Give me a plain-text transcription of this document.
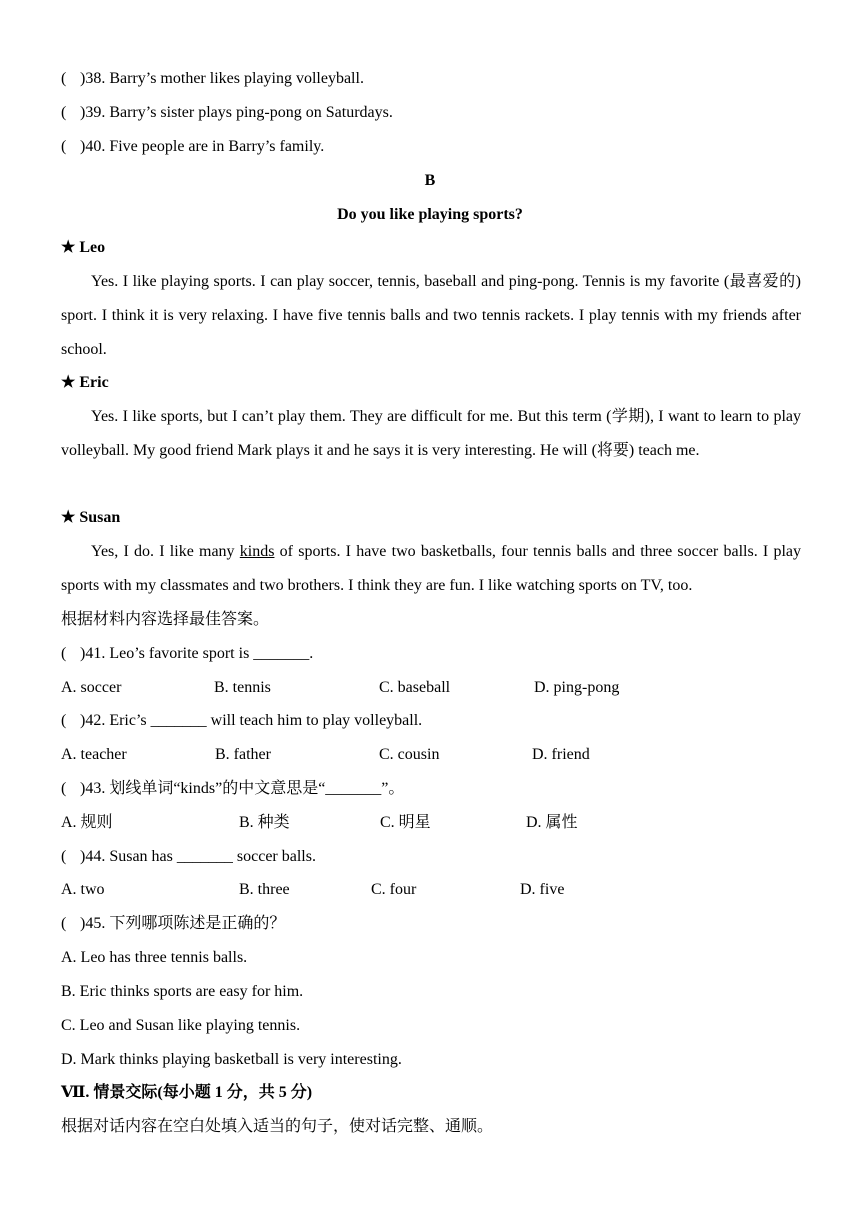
( )38. Barry’s mother likes playing volleyball.
( )39. Barry’s sister plays ping-pong on Saturdays.
( )40. Five people are in Barry’s family.
B
Do you like playing sports?
★ Leo
Yes. I like playing sports. I can play soccer, tennis, baseball and ping-pong. Tennis is my favorite (最喜爱的) sport. I think it is very relaxing. I have five tennis balls and two tennis rackets. I play tennis with my friends after school.
★ Eric
Yes. I like sports, but I can’t play them. They are difficult for me. But this term (学期), I want to learn to play volleyball. My good friend Mark plays it and he says it is very interesting. He will (将要) teach me.
★ Susan
Yes, I do. I like many kinds of sports. I have two basketballs, four tennis balls and three soccer balls. I play sports with my classmates and two brothers. I think they are fun. I like watching sports on TV, too.
根据材料内容选择最佳答案。
( )41. Leo’s favorite sport is _______.
A. soccer	B. tennis	C. baseball	D. ping-pong
( )42. Eric’s _______ will teach him to play volleyball.
A. teacher	B. father	C. cousin	D. friend
( )43. 划线单词“kinds”的中文意思是“_______”。
A. 规则	B. 种类	C. 明星	D. 属性
( )44. Susan has _______ soccer balls.
A. two	B. three	C. four	D. five
( )45. 下列哪项陈述是正确的？
A. Leo has three tennis balls.
B. Eric thinks sports are easy for him.
C. Leo and Susan like playing tennis.
D. Mark thinks playing basketball is very interesting.
Ⅶ. 情景交际(每小题 1 分，共 5 分)
根据对话内容在空白处填入适当的句子，使对话完整、通顺。
